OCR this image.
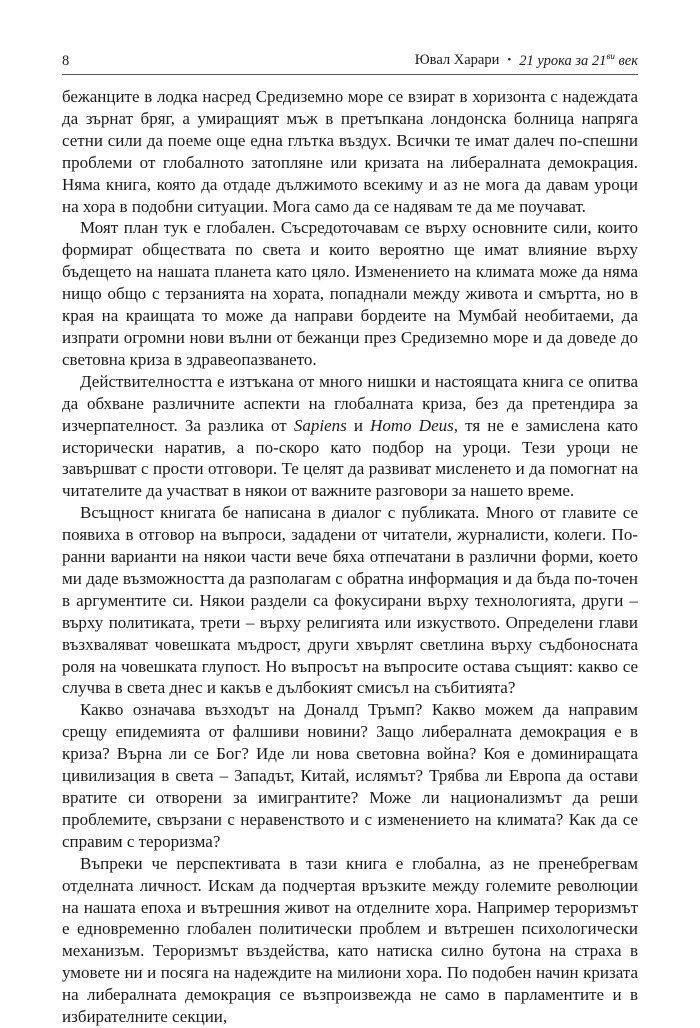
8	Ювал Харари • 21 урока за $21^{ви}$ век

бежанците в лодка насред Средиземно море се взират в хоризонта с надеждата да зърнат бряг, а умиращият мъж в претъпкана лондонска болница напряга сетни сили да поеме още една глътка въздух. Всички те имат далеч по-спешни проблеми от глобалното затопляне или кризата на либералната демокрация. Няма книга, която да отдаде дължимото всекиму и аз не мога да давам уроци на хора в подобни ситуации. Мога само да се надявам те да ме поучават.

Моят план тук е глобален. Съсредоточавам се върху основните сили, които формират обществата по света и които вероятно ще имат влияние върху бъдещето на нашата планета като цяло. Изменението на климата може да няма нищо общо с терзанията на хората, попаднали между живота и смъртта, но в края на краищата то може да направи бордеите на Мумбай необитаеми, да изпрати огромни нови вълни от бежанци през Средиземно море и да доведе до световна криза в здравеопазването.

Действителността е изтъкана от много нишки и настоящата книга се опитва да обхване различните аспекти на глобалната криза, без да претендира за изчерпателност. За разлика от Sapiens и Homo Deus, тя не е замислена като исторически наратив, а по-скоро като подбор на уроци. Тези уроци не завършват с прости отговори. Те целят да развиват мисленето и да помогнат на читателите да участват в някои от важните разговори за нашето време.

Всъщност книгата бе написана в диалог с публиката. Много от главите се появиха в отговор на въпроси, зададени от читатели, журналисти, колеги. По-ранни варианти на някои части вече бяха отпечатани в различни форми, което ми даде възможността да разполагам с обратна информация и да бъда по-точен в аргументите си. Някои раздели са фокусирани върху технологията, други – върху политиката, трети – върху религията или изкуството. Определени глави възхваляват човешката мъдрост, други хвърлят светлина върху съдбоносната роля на човешката глупост. Но въпросът на въпросите остава същият: какво се случва в света днес и какъв е дълбокият смисъл на събитията?

Какво означава възходът на Доналд Тръмп? Какво можем да направим срещу епидемията от фалшиви новини? Защо либералната демокрация е в криза? Върна ли се Бог? Иде ли нова световна война? Коя е доминиращата цивилизация в света – Западът, Китай, ислямът? Трябва ли Европа да остави вратите си отворени за имигрантите? Може ли национализмът да реши проблемите, свързани с неравенството и с изменението на климата? Как да се справим с тероризма?

Въпреки че перспективата в тази книга е глобална, аз не пренебрегвам отделната личност. Искам да подчертая връзките между големите революции на нашата епоха и вътрешния живот на отделните хора. Например тероризмът е едновременно глобален политически проблем и вътрешен психологически механизъм. Тероризмът въздейства, като натиска силно бутона на страха в умовете ни и посяга на надеждите на милиони хора. По подобен начин кризата на либералната демокрация се възпроизвежда не само в парламентите и в избирателните секции,
